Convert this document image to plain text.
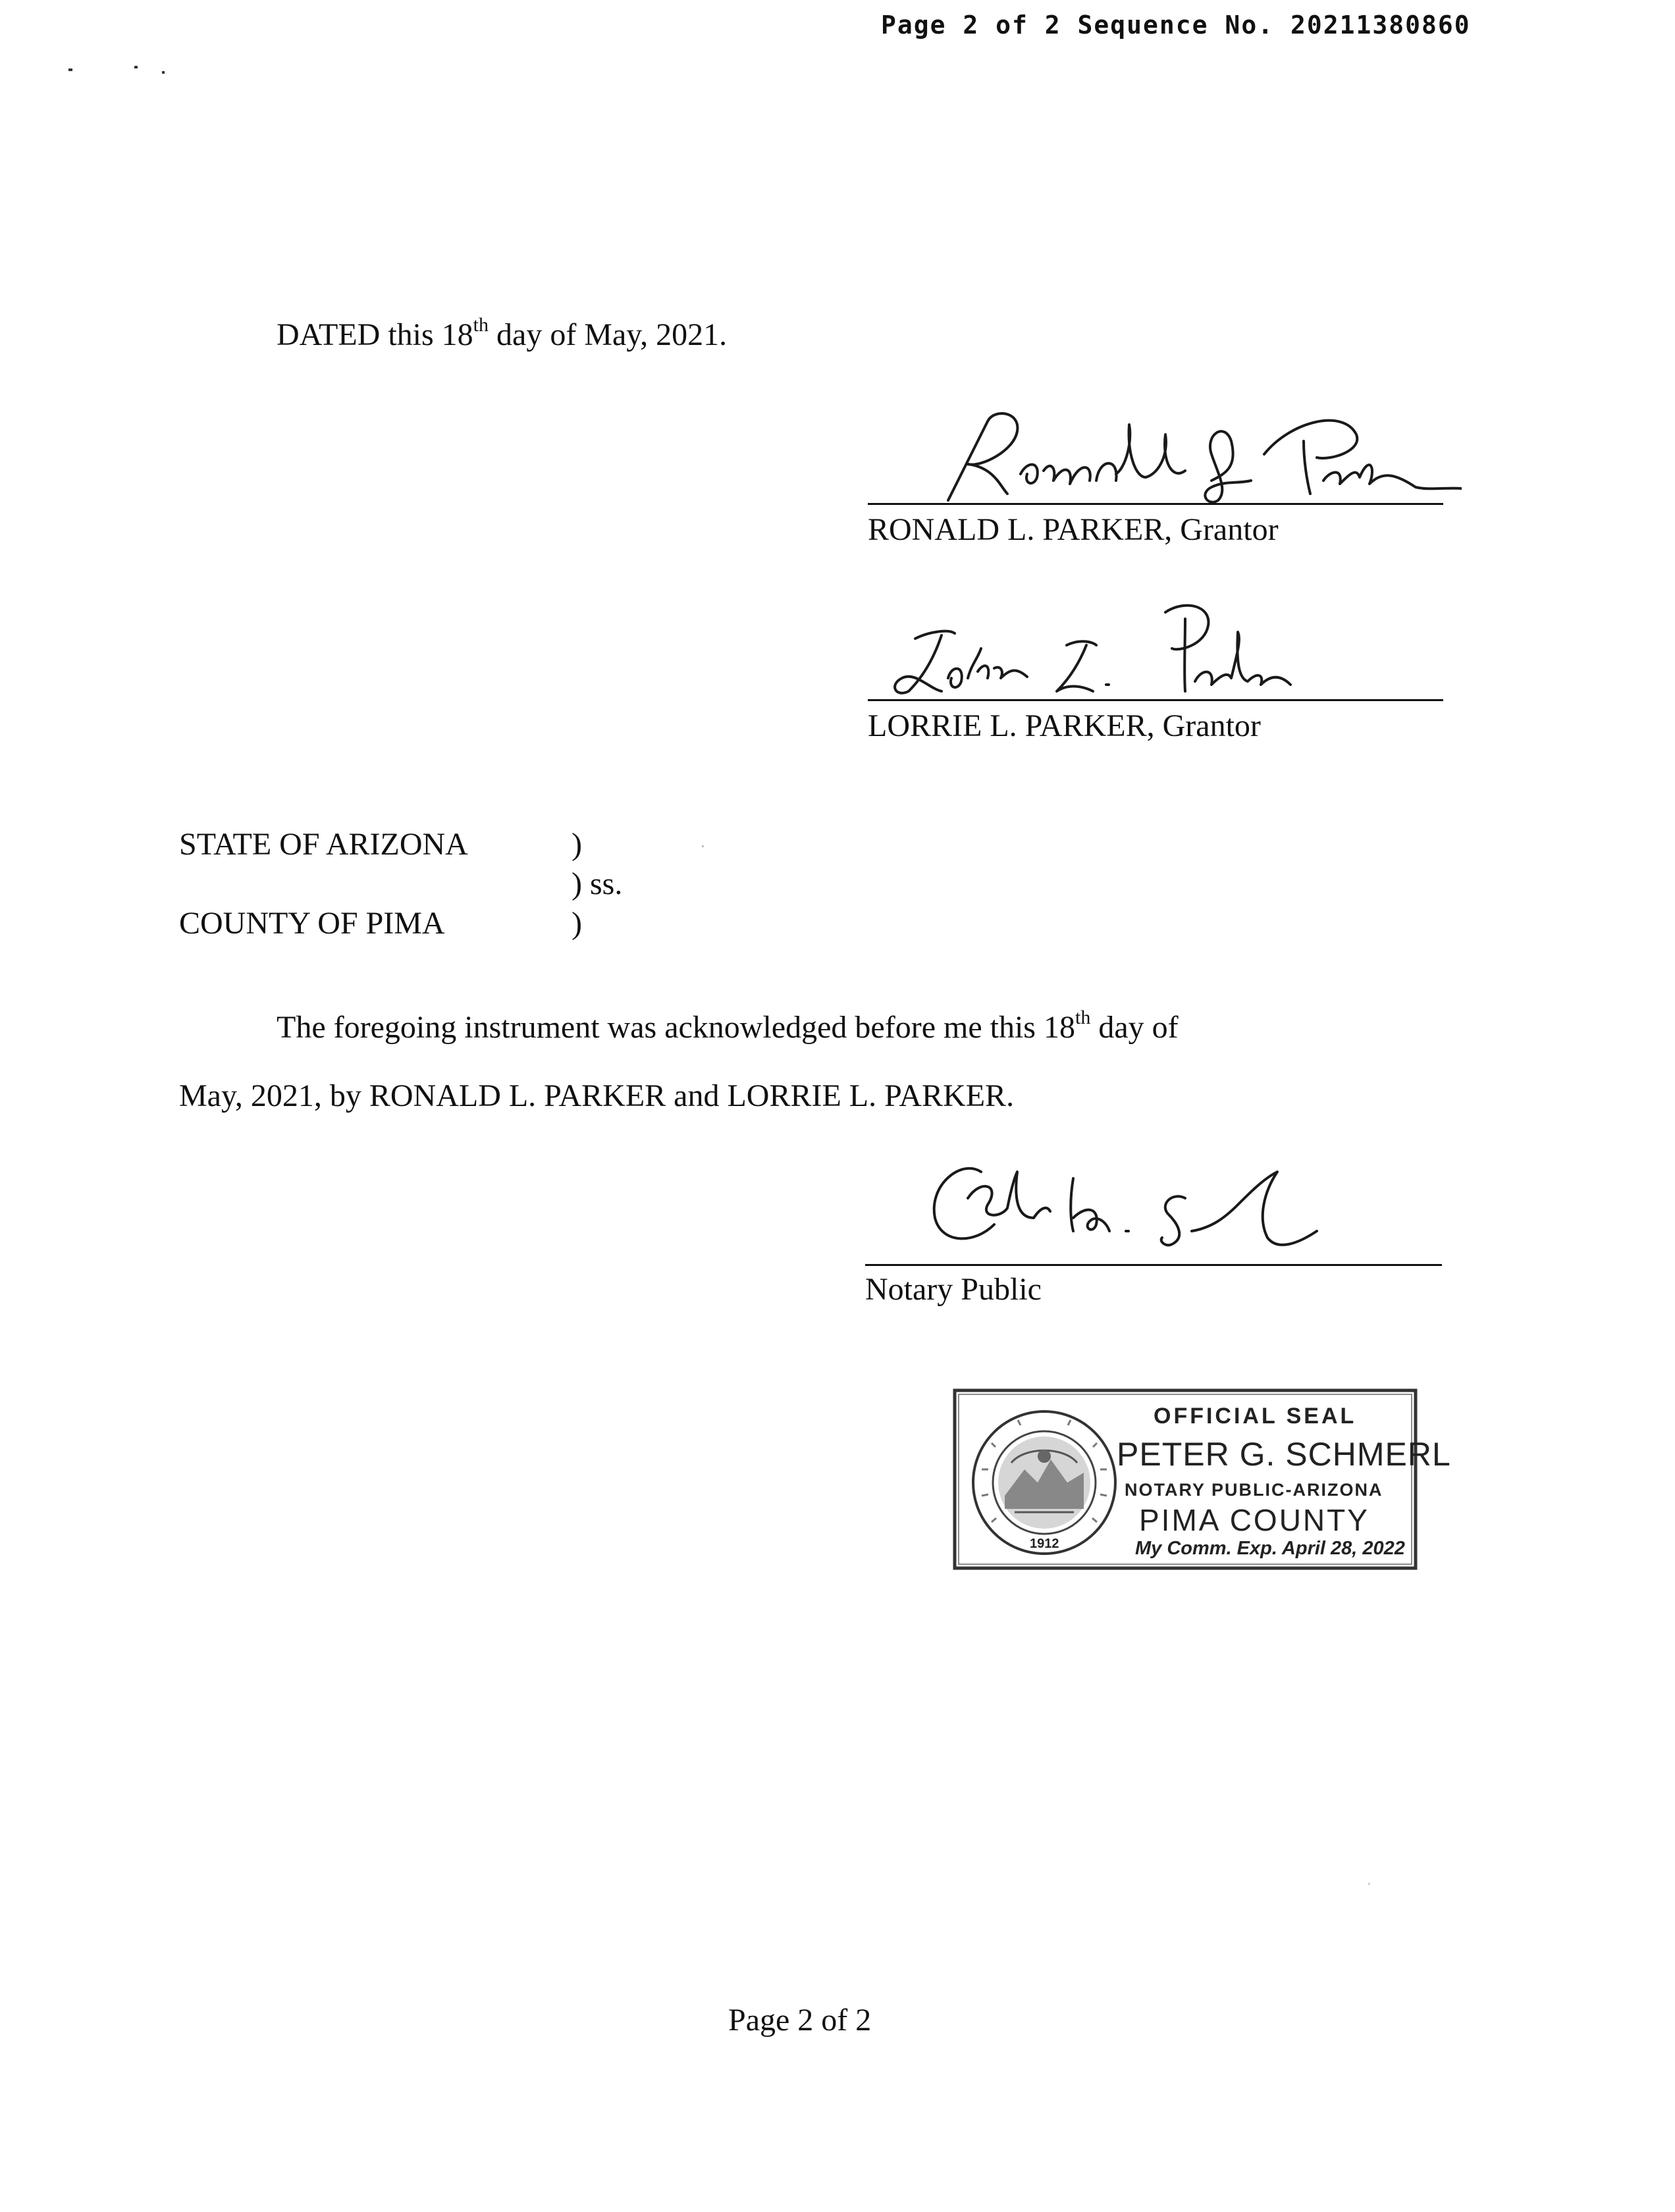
Page 2 of 2 Sequence No. 20211380860
DATED this 18th day of May, 2021.
RONALD L. PARKER, Grantor
LORRIE L. PARKER, Grantor
STATE OF ARIZONA	)
) ss.
COUNTY OF PIMA	)
The foregoing instrument was acknowledged before me this 18th day of
May, 2021, by RONALD L. PARKER and LORRIE L. PARKER.
Notary Public
1912
OFFICIAL SEAL
PETER G. SCHMERL
NOTARY PUBLIC-ARIZONA
PIMA COUNTY
My Comm. Exp. April 28, 2022
Page 2 of 2
